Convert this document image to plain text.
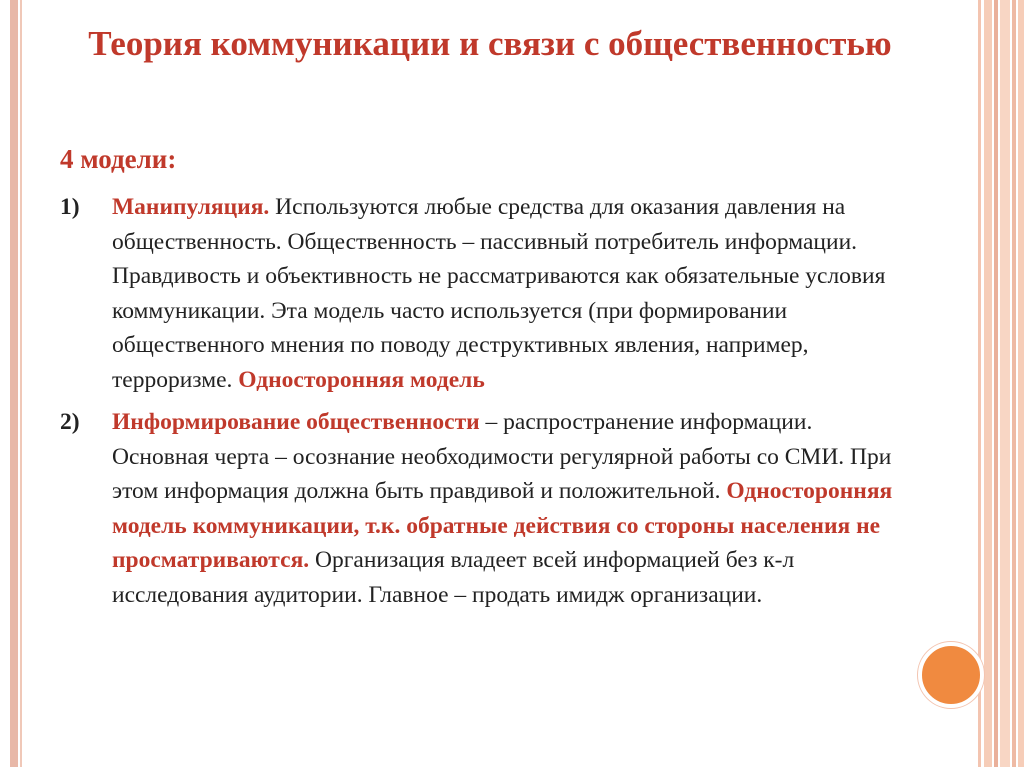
Теория коммуникации и связи с общественностью
4 модели:
1)	Манипуляция. Используются любые средства для оказания давления на общественность. Общественность – пассивный потребитель информации. Правдивость и объективность не рассматриваются как обязательные условия коммуникации. Эта модель часто используется (при формировании общественного мнения по поводу деструктивных явления, например, терроризме. Односторонняя модель
2)	Информирование общественности – распространение информации. Основная черта – осознание необходимости регулярной работы со СМИ. При этом информация должна быть правдивой и положительной. Односторонняя модель коммуникации, т.к. обратные действия со стороны населения не просматриваются. Организация владеет всей информацией без к-л исследования аудитории. Главное – продать имидж организации.
